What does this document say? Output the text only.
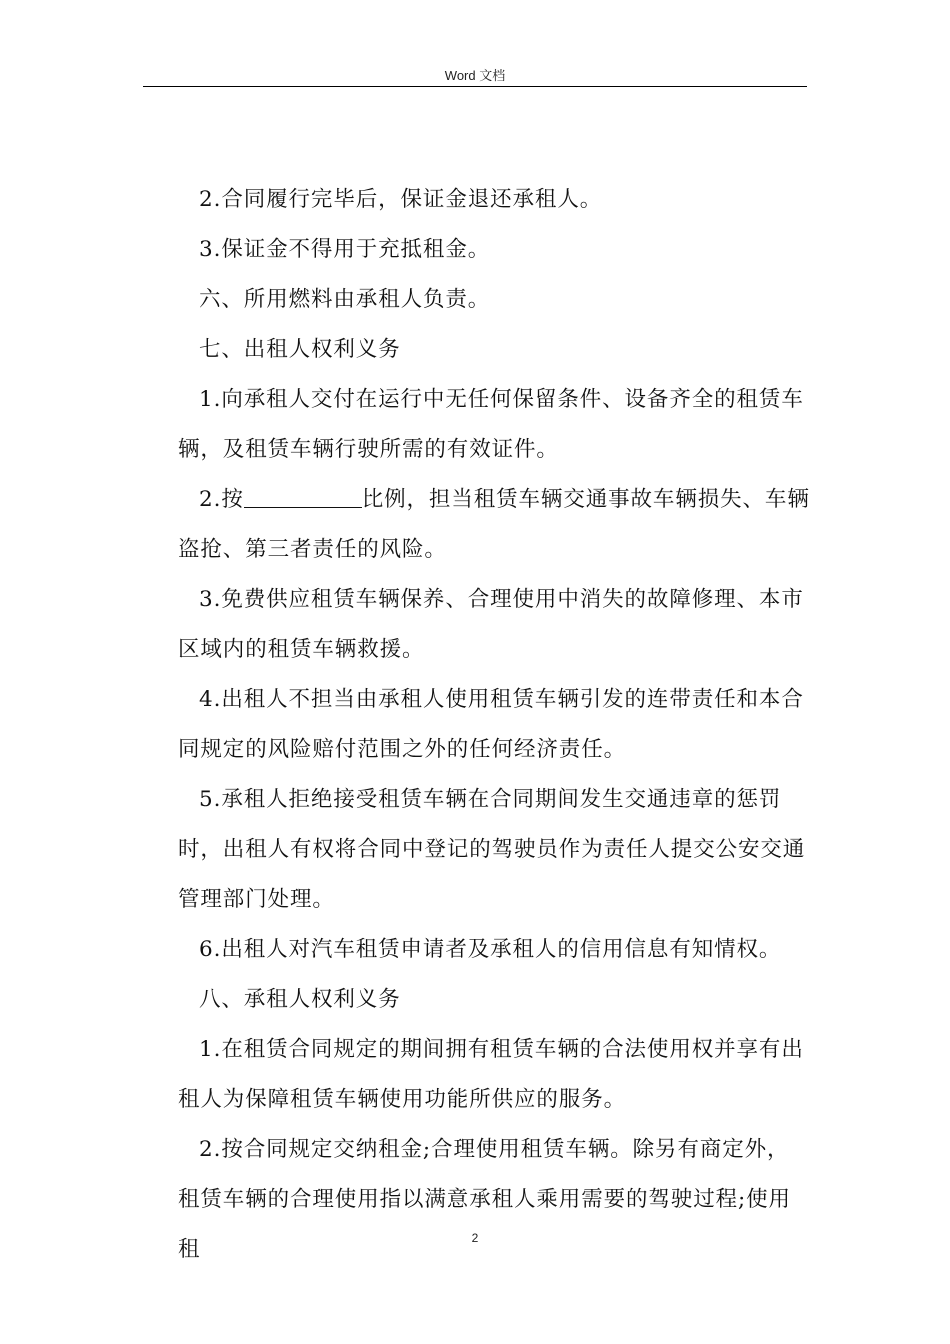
Word 文档

2.合同履行完毕后，保证金退还承租人。

3.保证金不得用于充抵租金。

六、所用燃料由承租人负责。

七、出租人权利义务

1.向承租人交付在运行中无任何保留条件、设备齐全的租赁车辆，及租赁车辆行驶所需的有效证件。

2.按	比例，担当租赁车辆交通事故车辆损失、车辆盗抢、第三者责任的风险。

3.免费供应租赁车辆保养、合理使用中消失的故障修理、本市区域内的租赁车辆救援。

4.出租人不担当由承租人使用租赁车辆引发的连带责任和本合同规定的风险赔付范围之外的任何经济责任。

5.承租人拒绝接受租赁车辆在合同期间发生交通违章的惩罚时，出租人有权将合同中登记的驾驶员作为责任人提交公安交通管理部门处理。

6.出租人对汽车租赁申请者及承租人的信用信息有知情权。

八、承租人权利义务

1.在租赁合同规定的期间拥有租赁车辆的合法使用权并享有出租人为保障租赁车辆使用功能所供应的服务。

2.按合同规定交纳租金;合理使用租赁车辆。除另有商定外，租赁车辆的合理使用指以满意承租人乘用需要的驾驶过程;使用租	2
